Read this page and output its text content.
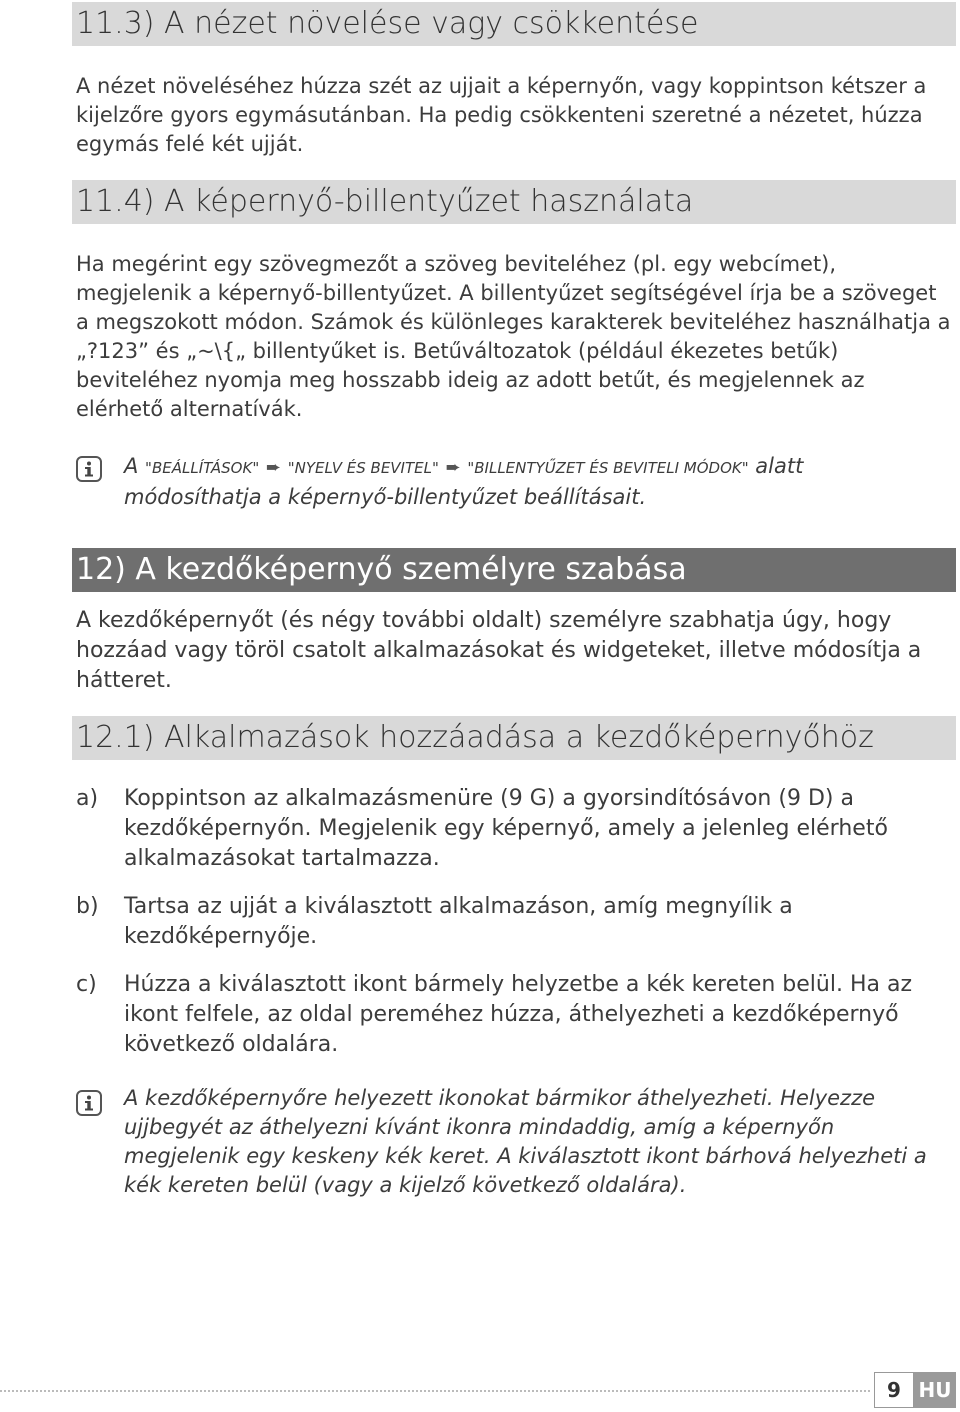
11.3) A nézet növelése vagy csökkentése
A nézet növeléséhez húzza szét az ujjait a képernyőn, vagy koppintson kétszer a kijelzőre gyors egymásutánban. Ha pedig csökkenteni szeretné a nézetet, húzza egymás felé két ujját.
11.4) A képernyő-billentyűzet használata
Ha megérint egy szövegmezőt a szöveg beviteléhez (pl. egy webcímet), megjelenik a képernyő-billentyűzet. A billentyűzet segítségével írja be a szöveget a megszokott módon. Számok és különleges karakterek beviteléhez használhatja a „?123” és „~\{„ billentyűket is. Betűváltozatok (például ékezetes betűk) beviteléhez nyomja meg hosszabb ideig az adott betűt, és megjelennek az elérhető alternatívák.
A "BEÁLLÍTÁSOK" ➨ "NYELV ÉS BEVITEL" ➨ "BILLENTYŰZET ÉS BEVITELI MÓDOK" alatt módosíthatja a képernyő-billentyűzet beállításait.
12) A kezdőképernyő személyre szabása
A kezdőképernyőt (és négy további oldalt) személyre szabhatja úgy, hogy hozzáad vagy töröl csatolt alkalmazásokat és widgeteket, illetve módosítja a hátteret.
12.1) Alkalmazások hozzáadása a kezdőképernyőhöz
a) Koppintson az alkalmazásmenüre (9 G) a gyorsindítósávon (9 D) a kezdőképernyőn. Megjelenik egy képernyő, amely a jelenleg elérhető alkalmazásokat tartalmazza.
b) Tartsa az ujját a kiválasztott alkalmazáson, amíg megnyílik a kezdőképernyője.
c) Húzza a kiválasztott ikont bármely helyzetbe a kék kereten belül. Ha az ikont felfele, az oldal pereméhez húzza, áthelyezheti a kezdőképernyő következő oldalára.
A kezdőképernyőre helyezett ikonokat bármikor áthelyezheti. Helyezze ujjbegyét az áthelyezni kívánt ikonra mindaddig, amíg a képernyőn megjelenik egy keskeny kék keret. A kiválasztott ikont bárhová helyezheti a kék kereten belül (vagy a kijelző következő oldalára).
9 HU
